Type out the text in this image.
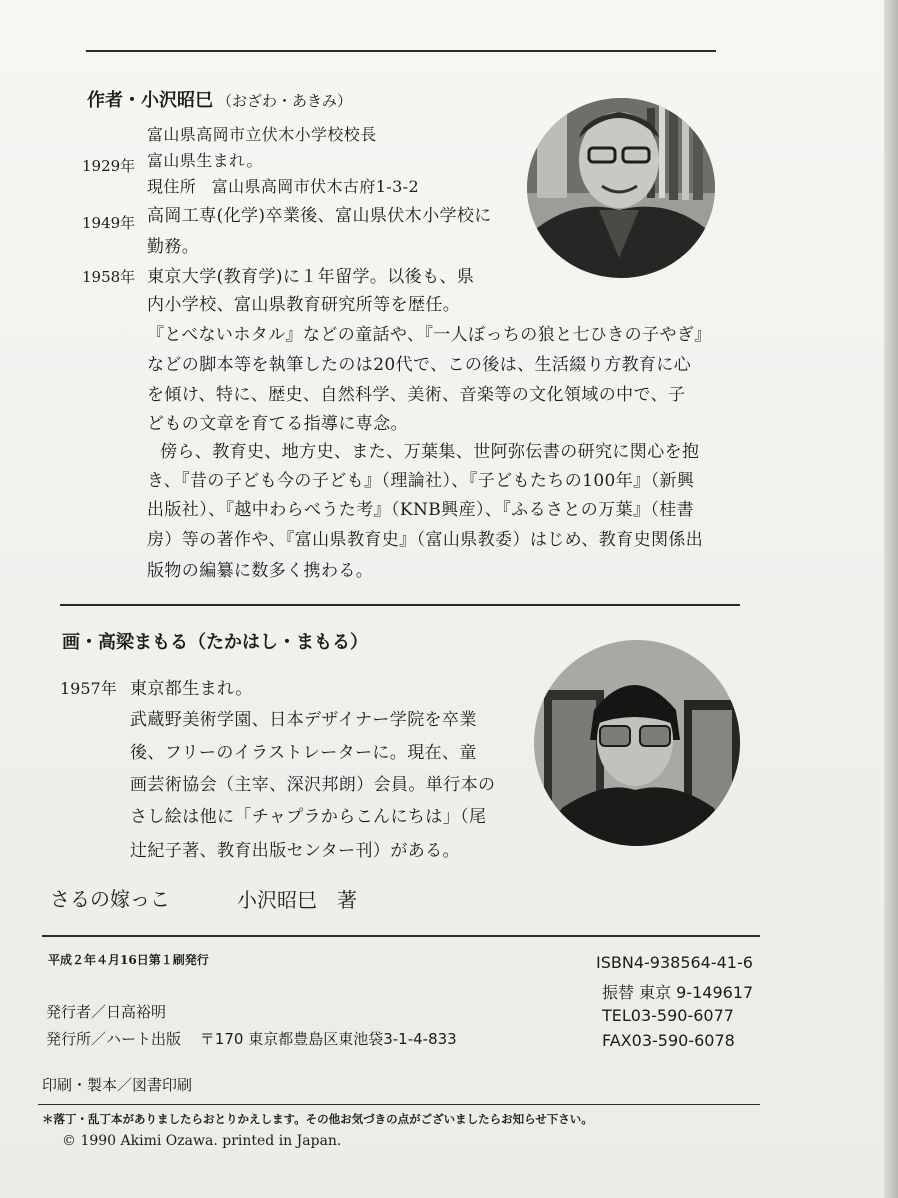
作者・小沢昭巳 （おざわ・あきみ）
富山県高岡市立伏木小学校校長
1929年 富山県生まれ。
現住所 富山県高岡市伏木古府1-3-2
1949年 高岡工専(化学)卒業後、富山県伏木小学校に
勤務。
1958年 東京大学(教育学)に１年留学。以後も、県
内小学校、富山県教育研究所等を歴任。
『とべないホタル』などの童話や、『一人ぼっちの狼と七ひきの子やぎ』
などの脚本等を執筆したのは20代で、この後は、生活綴り方教育に心
を傾け、特に、歴史、自然科学、美術、音楽等の文化領域の中で、子
どもの文章を育てる指導に専念。
傍ら、教育史、地方史、また、万葉集、世阿弥伝書の研究に関心を抱
き、『昔の子ども今の子ども』（理論社）、『子どもたちの100年』（新興
出版社）、『越中わらべうた考』（KNB興産）、『ふるさとの万葉』（桂書
房）等の著作や、『富山県教育史』（富山県教委）はじめ、教育史関係出
版物の編纂に数多く携わる。
画・高梁まもる（たかはし・まもる）
1957年 東京都生まれ。
武蔵野美術学園、日本デザイナー学院を卒業
後、フリーのイラストレーターに。現在、童
画芸術協会（主宰、深沢邦朗）会員。単行本の
さし絵は他に「チャプラからこんにちは」（尾
辻紀子著、教育出版センター刊）がある。
さるの嫁っこ	小沢昭巳　著
平成２年４月16日第１刷発行
発行者／日高裕明
発行所／ハート出版 〒170 東京都豊島区東池袋3-1-4-833
ISBN4-938564-41-6
振替 東京 9-149617
TEL03-590-6077
FAX03-590-6078
印刷・製本／図書印刷
＊落丁・乱丁本がありましたらおとりかえします。その他お気づきの点がございましたらお知らせ下さい。
©︎ 1990 Akimi Ozawa. printed in Japan.
